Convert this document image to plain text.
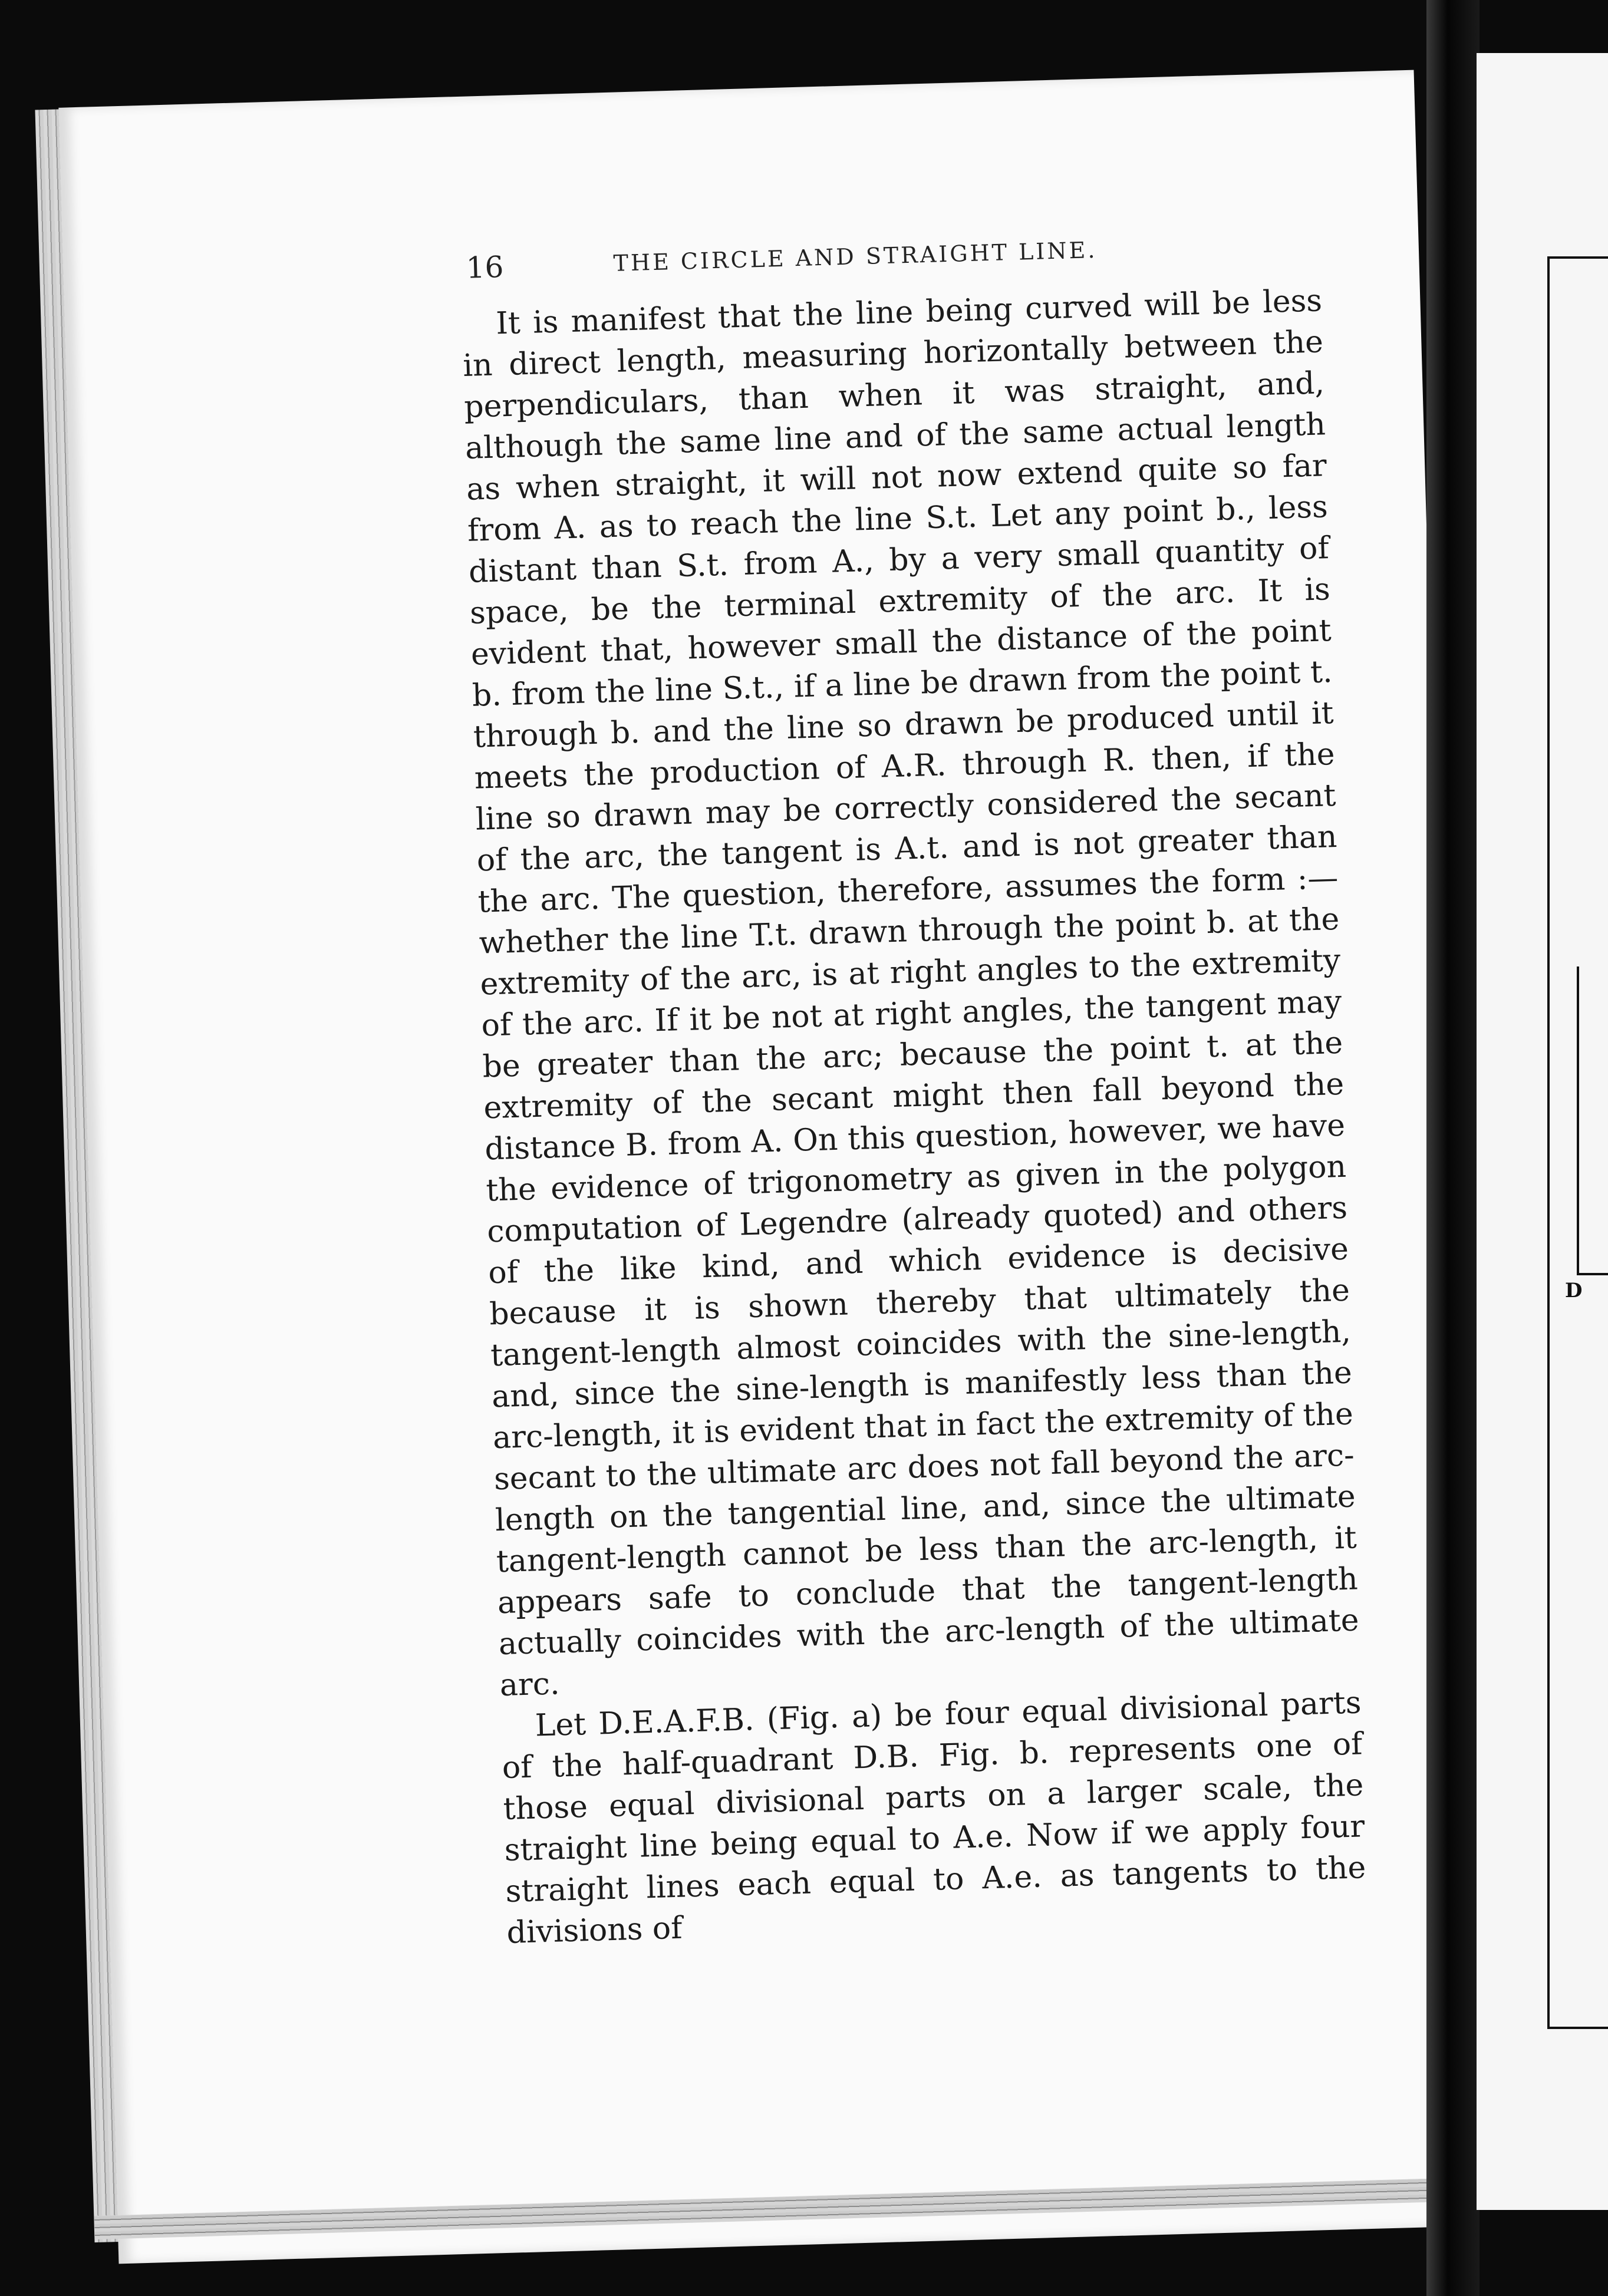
D
16	THE CIRCLE AND STRAIGHT LINE.

It is manifest that the line being curved will be less in direct length, measuring horizontally between the perpendiculars, than when it was straight, and, although the same line and of the same actual length as when straight, it will not now extend quite so far from A. as to reach the line S.t. Let any point b., less distant than S.t. from A., by a very small quantity of space, be the terminal extremity of the arc. It is evident that, however small the distance of the point b. from the line S.t., if a line be drawn from the point t. through b. and the line so drawn be produced until it meets the production of A.R. through R. then, if the line so drawn may be correctly considered the secant of the arc, the tangent is A.t. and is not greater than the arc. The question, therefore, assumes the form :—whether the line T.t. drawn through the point b. at the extremity of the arc, is at right angles to the extremity of the arc. If it be not at right angles, the tangent may be greater than the arc; because the point t. at the extremity of the secant might then fall beyond the distance B. from A. On this question, however, we have the evidence of trigonometry as given in the polygon computation of Legendre (already quoted) and others of the like kind, and which evidence is decisive because it is shown thereby that ultimately the tangent-length almost coincides with the sine-length, and, since the sine-length is manifestly less than the arc-length, it is evident that in fact the extremity of the secant to the ultimate arc does not fall beyond the arc-length on the tangential line, and, since the ultimate tangent-length cannot be less than the arc-length, it appears safe to conclude that the tangent-length actually coincides with the arc-length of the ultimate arc.

Let D.E.A.F.B. (Fig. a) be four equal divisional parts of the half-quadrant D.B. Fig. b. represents one of those equal divisional parts on a larger scale, the straight line being equal to A.e. Now if we apply four straight lines each equal to A.e. as tangents to the divisions of
